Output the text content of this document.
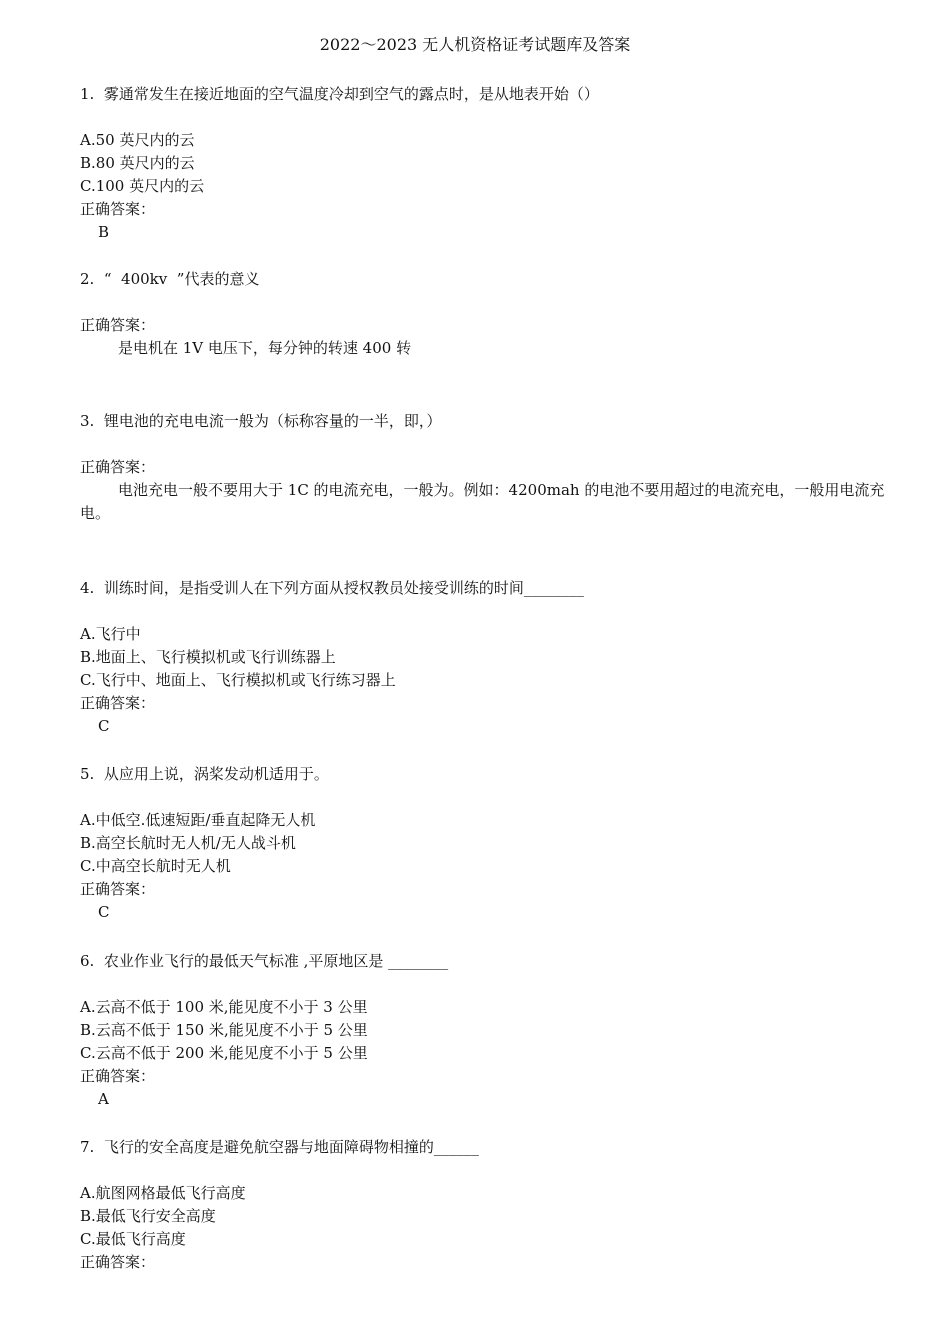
2022～2023 无人机资格证考试题库及答案
1.  雾通常发生在接近地面的空气温度冷却到空气的露点时，是从地表开始（）
A.50 英尺内的云
B.80 英尺内的云
C.100 英尺内的云
正确答案：
B
2.  “  400kv  ”代表的意义
正确答案：
是电机在 1V 电压下，每分钟的转速 400 转
3.  锂电池的充电电流一般为（标称容量的一半，即，）
正确答案：
电池充电一般不要用大于 1C 的电流充电，一般为。例如：4200mah 的电池不要用超过的电流充电，一般用电流充电。
4.  训练时间，是指受训人在下列方面从授权教员处接受训练的时间________
A.飞行中
B.地面上、飞行模拟机或飞行训练器上
C.飞行中、地面上、飞行模拟机或飞行练习器上
正确答案：
C
5.  从应用上说，涡桨发动机适用于。
A.中低空.低速短距/垂直起降无人机
B.高空长航时无人机/无人战斗机
C.中高空长航时无人机
正确答案：
C
6.  农业作业飞行的最低天气标准 ,平原地区是 ________
A.云高不低于 100 米,能见度不小于 3 公里
B.云高不低于 150 米,能见度不小于 5 公里
C.云高不低于 200 米,能见度不小于 5 公里
正确答案：
A
7.  飞行的安全高度是避免航空器与地面障碍物相撞的______
A.航图网格最低飞行高度
B.最低飞行安全高度
C.最低飞行高度
正确答案：
